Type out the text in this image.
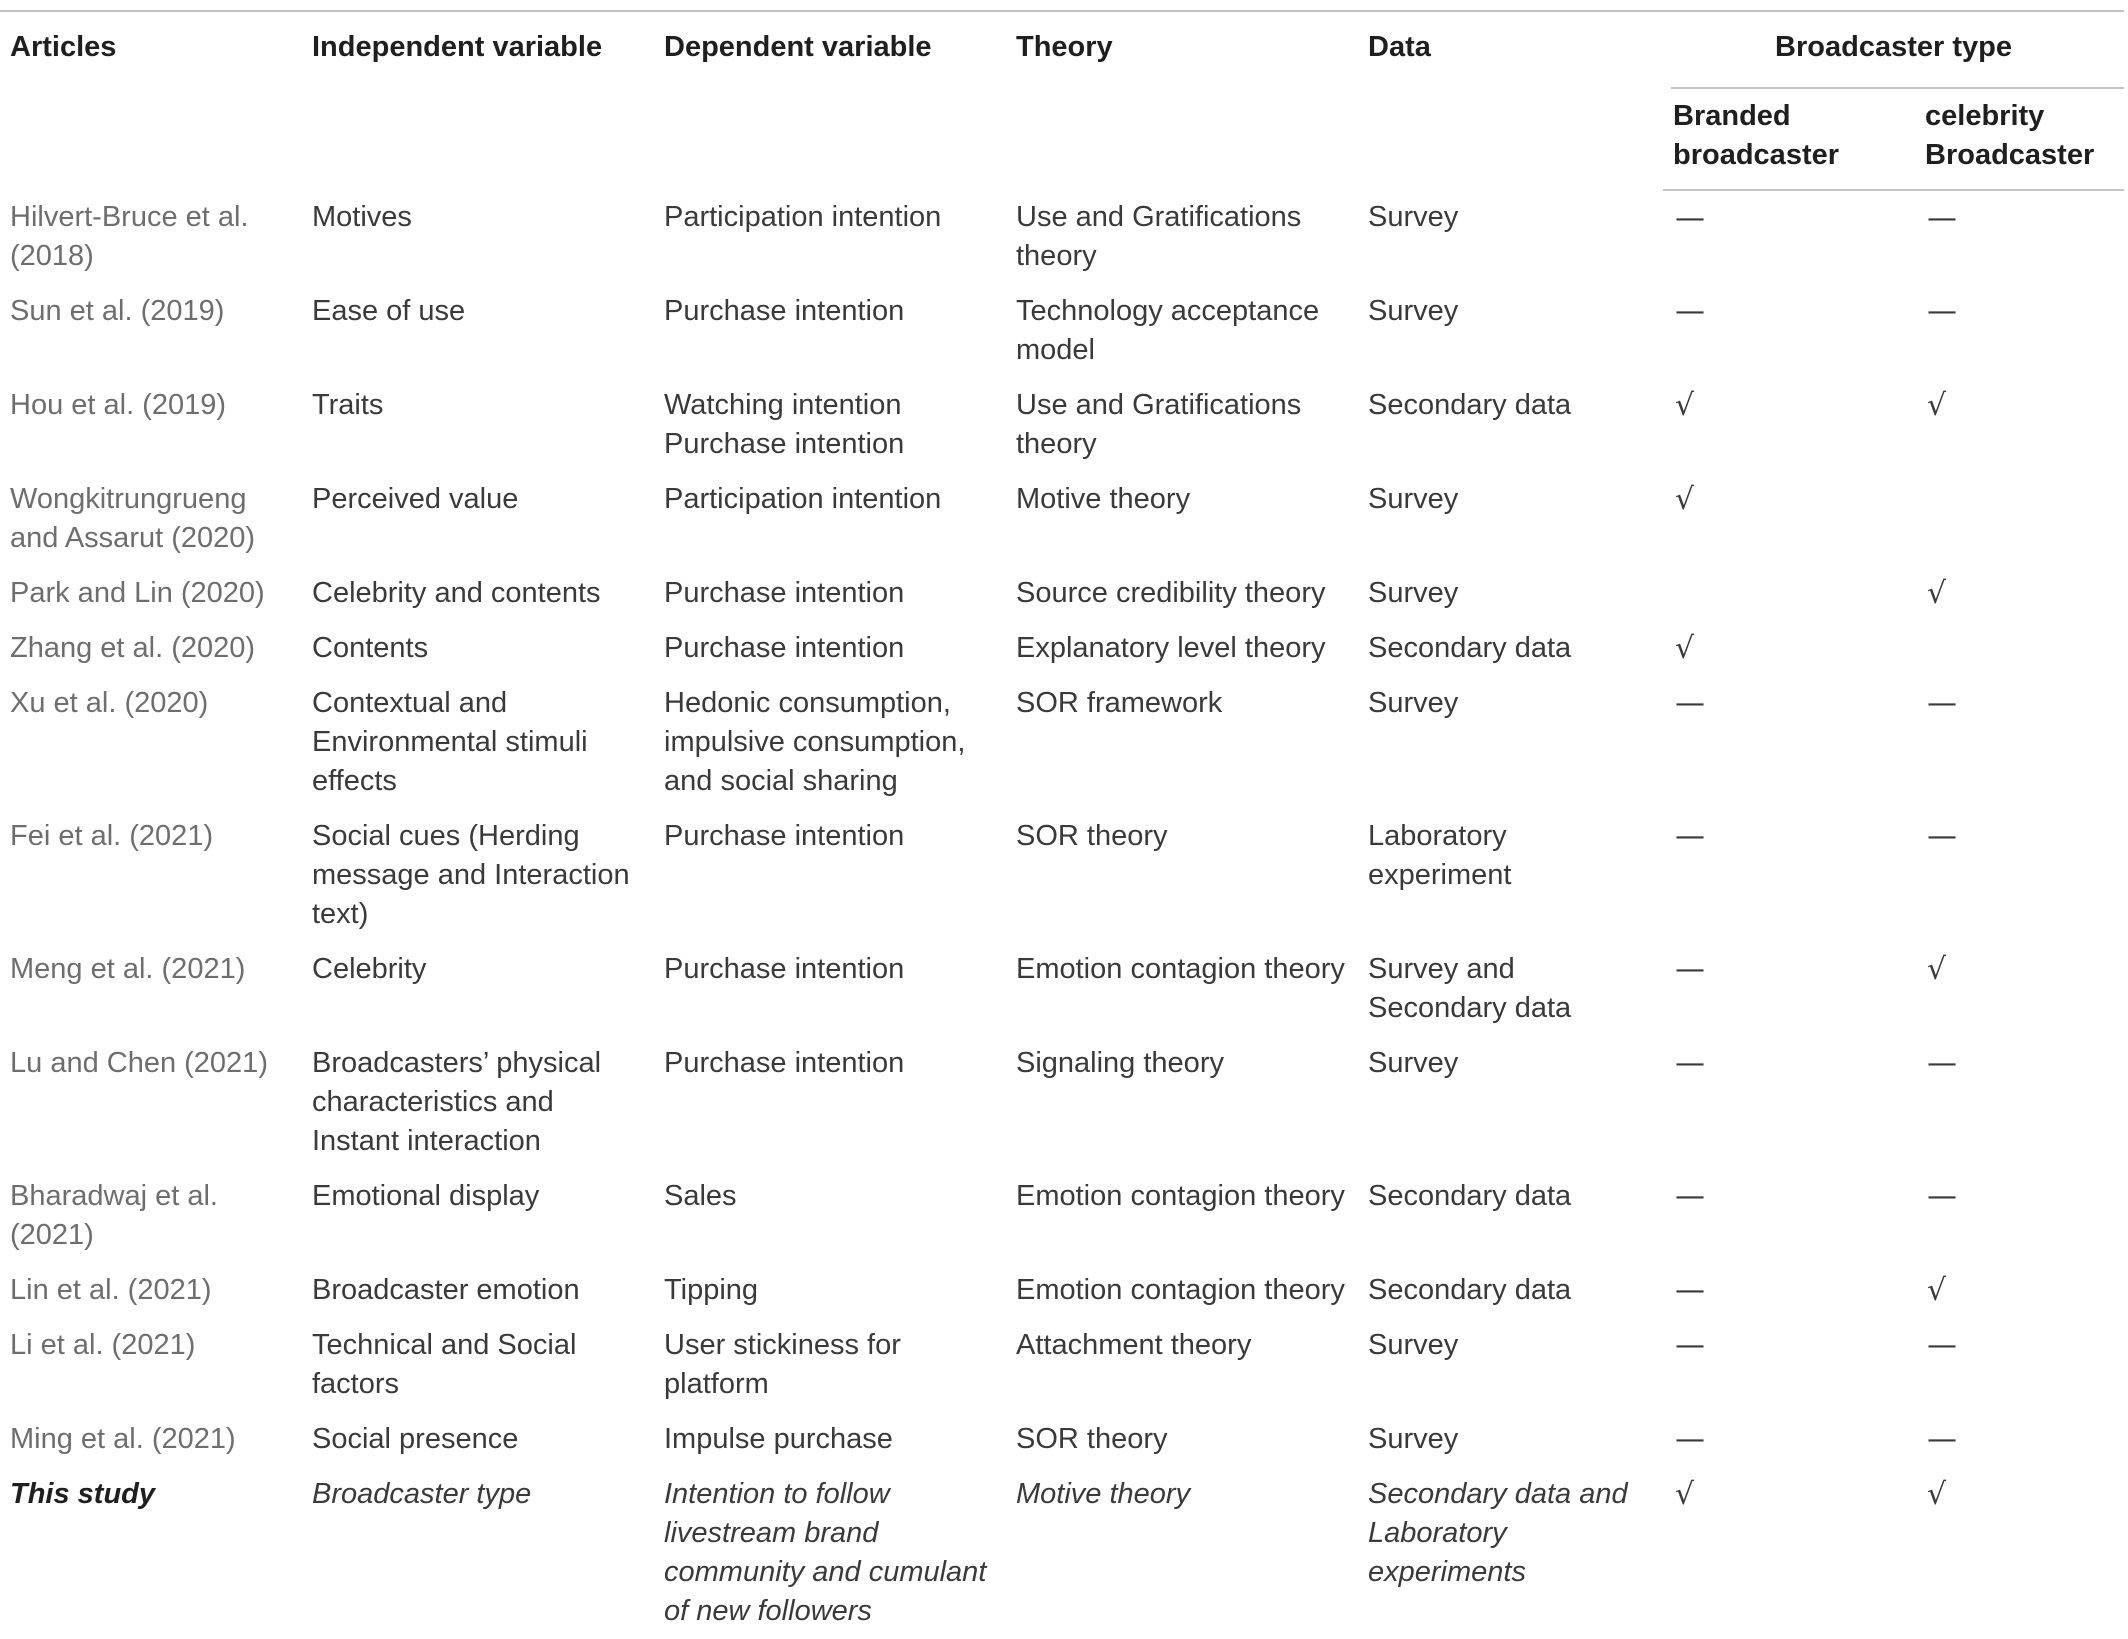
Articles	Independent variable	Dependent variable	Theory	Data	Broadcaster type	

					Branded broadcaster	celebrity Broadcaster
Hilvert-Bruce et al. (2018)	Motives	Participation intention	Use and Gratifications theory	Survey	—	—
Sun et al. (2019)	Ease of use	Purchase intention	Technology acceptance model	Survey	—	—
Hou et al. (2019)	Traits	Watching intention Purchase intention	Use and Gratifications theory	Secondary data	√	√
Wongkitrungrueng and Assarut (2020)	Perceived value	Participation intention	Motive theory	Survey	√	
Park and Lin (2020)	Celebrity and contents	Purchase intention	Source credibility theory	Survey		√
Zhang et al. (2020)	Contents	Purchase intention	Explanatory level theory	Secondary data	√	
Xu et al. (2020)	Contextual and Environmental stimuli effects	Hedonic consumption, impulsive consumption, and social sharing	SOR framework	Survey	—	—
Fei et al. (2021)	Social cues (Herding message and Interaction text)	Purchase intention	SOR theory	Laboratory experiment	—	—
Meng et al. (2021)	Celebrity	Purchase intention	Emotion contagion theory	Survey and Secondary data	—	√
Lu and Chen (2021)	Broadcasters’ physical characteristics and Instant interaction	Purchase intention	Signaling theory	Survey	—	—
Bharadwaj et al. (2021)	Emotional display	Sales	Emotion contagion theory	Secondary data	—	—
Lin et al. (2021)	Broadcaster emotion	Tipping	Emotion contagion theory	Secondary data	—	√
Li et al. (2021)	Technical and Social factors	User stickiness for platform	Attachment theory	Survey	—	—
Ming et al. (2021)	Social presence	Impulse purchase	SOR theory	Survey	—	—
This study	Broadcaster type	Intention to follow livestream brand community and cumulant of new followers	Motive theory	Secondary data and Laboratory experiments	√	√
